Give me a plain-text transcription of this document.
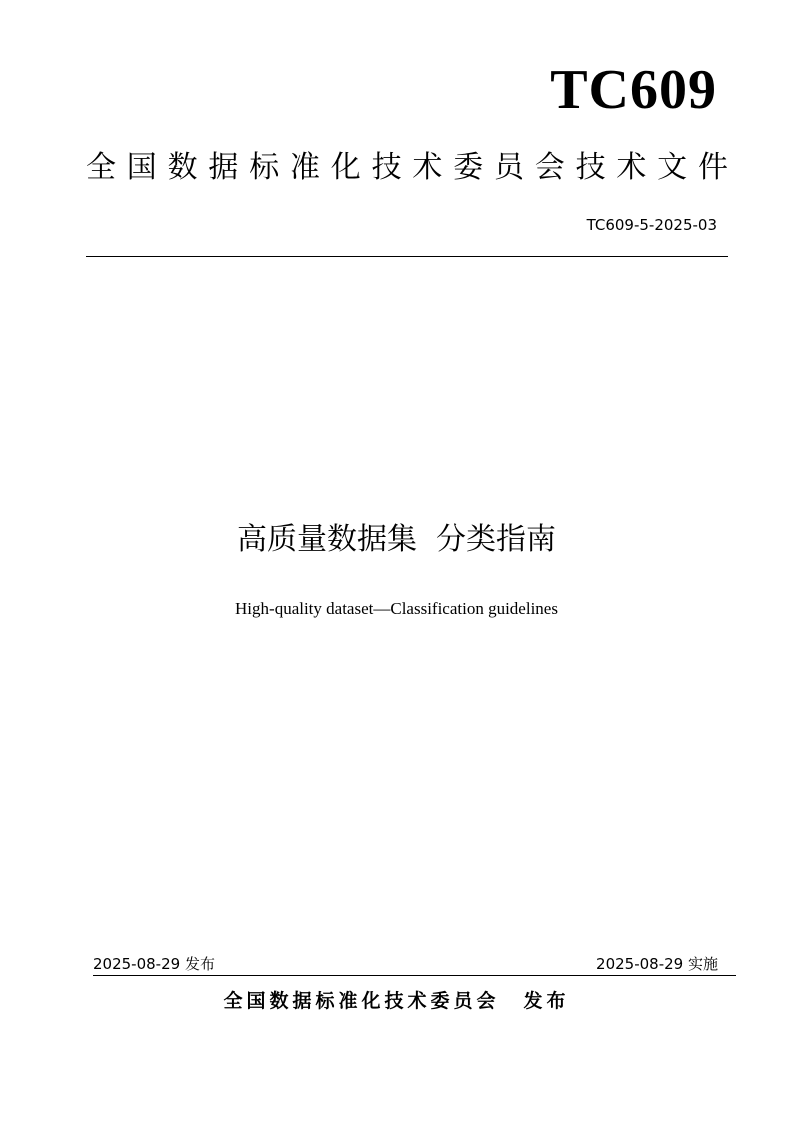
TC609
全 国 数 据 标 准 化 技 术 委 员 会 技 术 文 件
TC609-5-2025-03
高质量数据集  分类指南
High-quality dataset—Classification guidelines
2025-08-29 发布	2025-08-29 实施
全国数据标准化技术委员会 发布
